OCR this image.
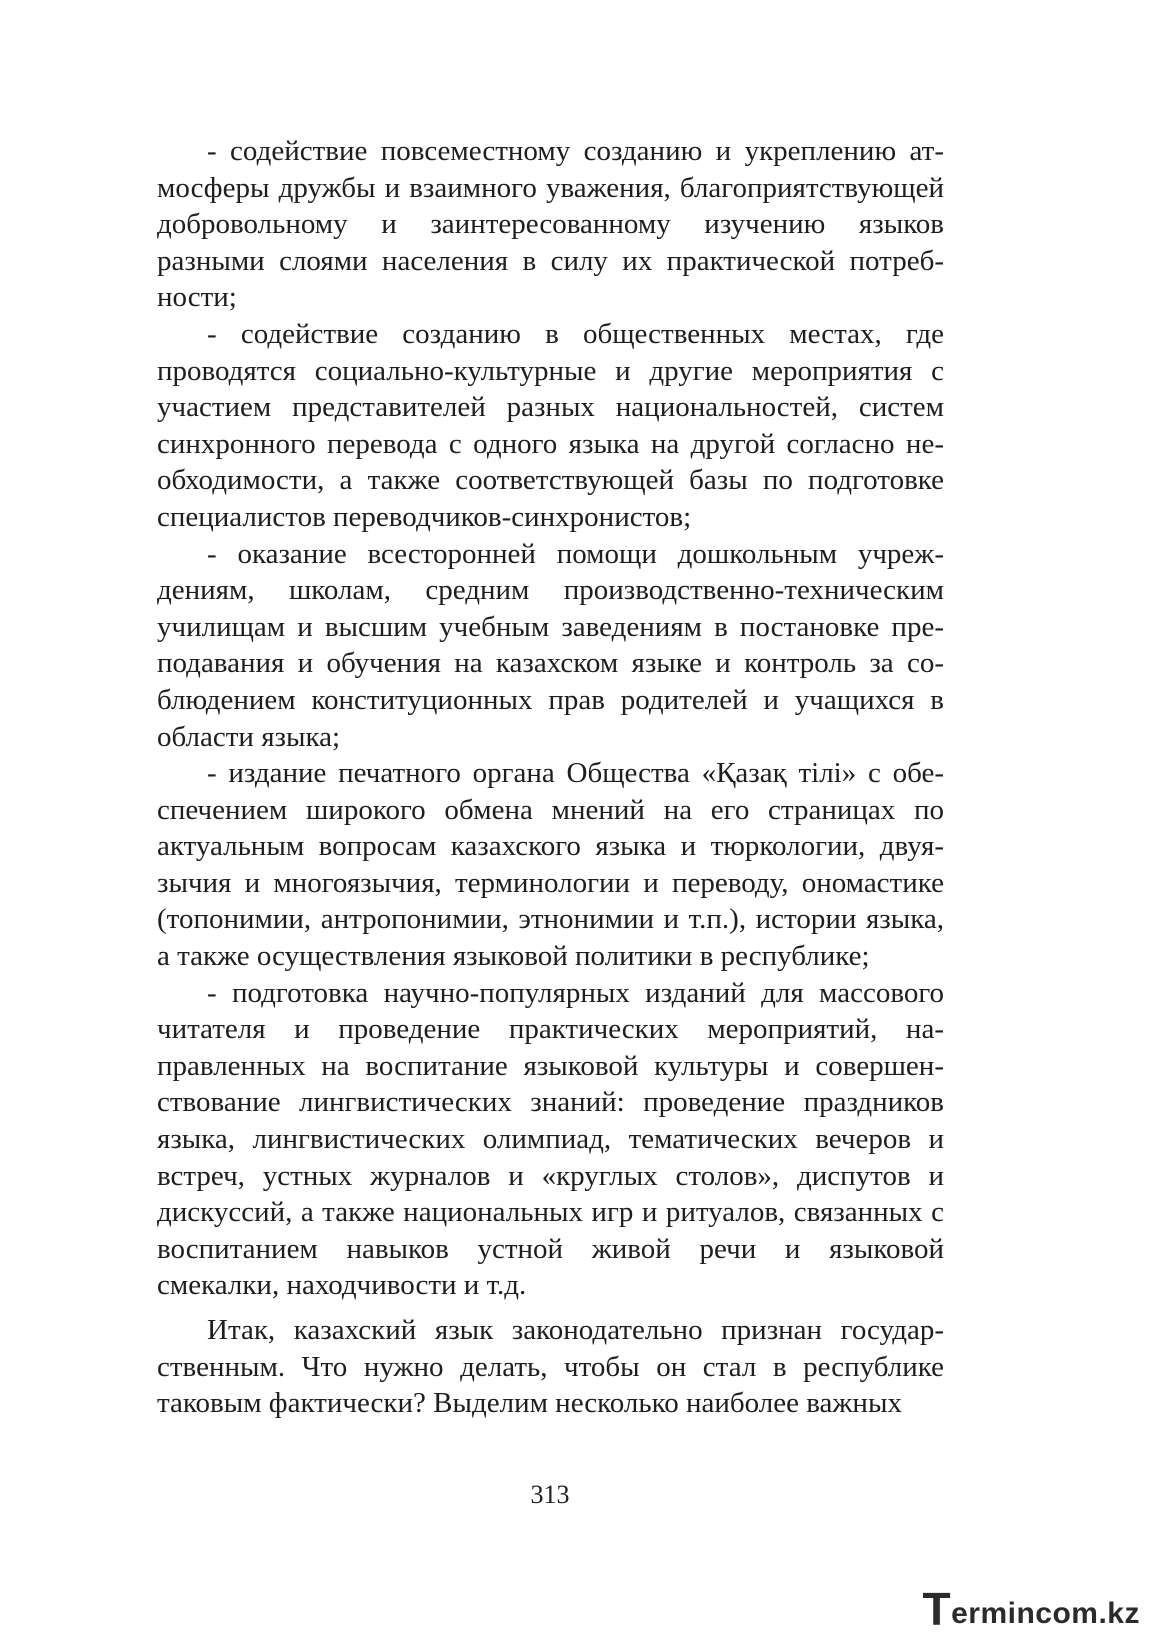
- содействие повсеместному созданию и укреплению атмосферы дружбы и взаимного уважения, благоприятствующей добровольному и заинтересованному изучению языков разными слоями населения в силу их практической потребности;

- содействие созданию в общественных местах, где проводятся социально-культурные и другие мероприятия с участием представителей разных национальностей, систем синхронного перевода с одного языка на другой согласно необходимости, а также соответствующей базы по подготовке специалистов переводчиков-синхронистов;

- оказание всесторонней помощи дошкольным учреждениям, школам, средним производственно-техническим училищам и высшим учебным заведениям в постановке преподавания и обучения на казахском языке и контроль за соблюдением конституционных прав родителей и учащихся в области языка;

- издание печатного органа Общества «Қазақ тілі» с обеспечением широкого обмена мнений на его страницах по актуальным вопросам казахского языка и тюркологии, двуязычия и многоязычия, терминологии и переводу, ономастике (топонимии, антропонимии, этнонимии и т.п.), истории языка, а также осуществления языковой политики в республике;

- подготовка научно-популярных изданий для массового читателя и проведение практических мероприятий, направленных на воспитание языковой культуры и совершенствование лингвистических знаний: проведение праздников языка, лингвистических олимпиад, тематических вечеров и встреч, устных журналов и «круглых столов», диспутов и дискуссий, а также национальных игр и ритуалов, связанных с воспитанием навыков устной живой речи и языковой смекалки, находчивости и т.д.

Итак, казахский язык законодательно признан государственным. Что нужно делать, чтобы он стал в республике таковым фактически? Выделим несколько наиболее важных

313
T ermincom.kz
